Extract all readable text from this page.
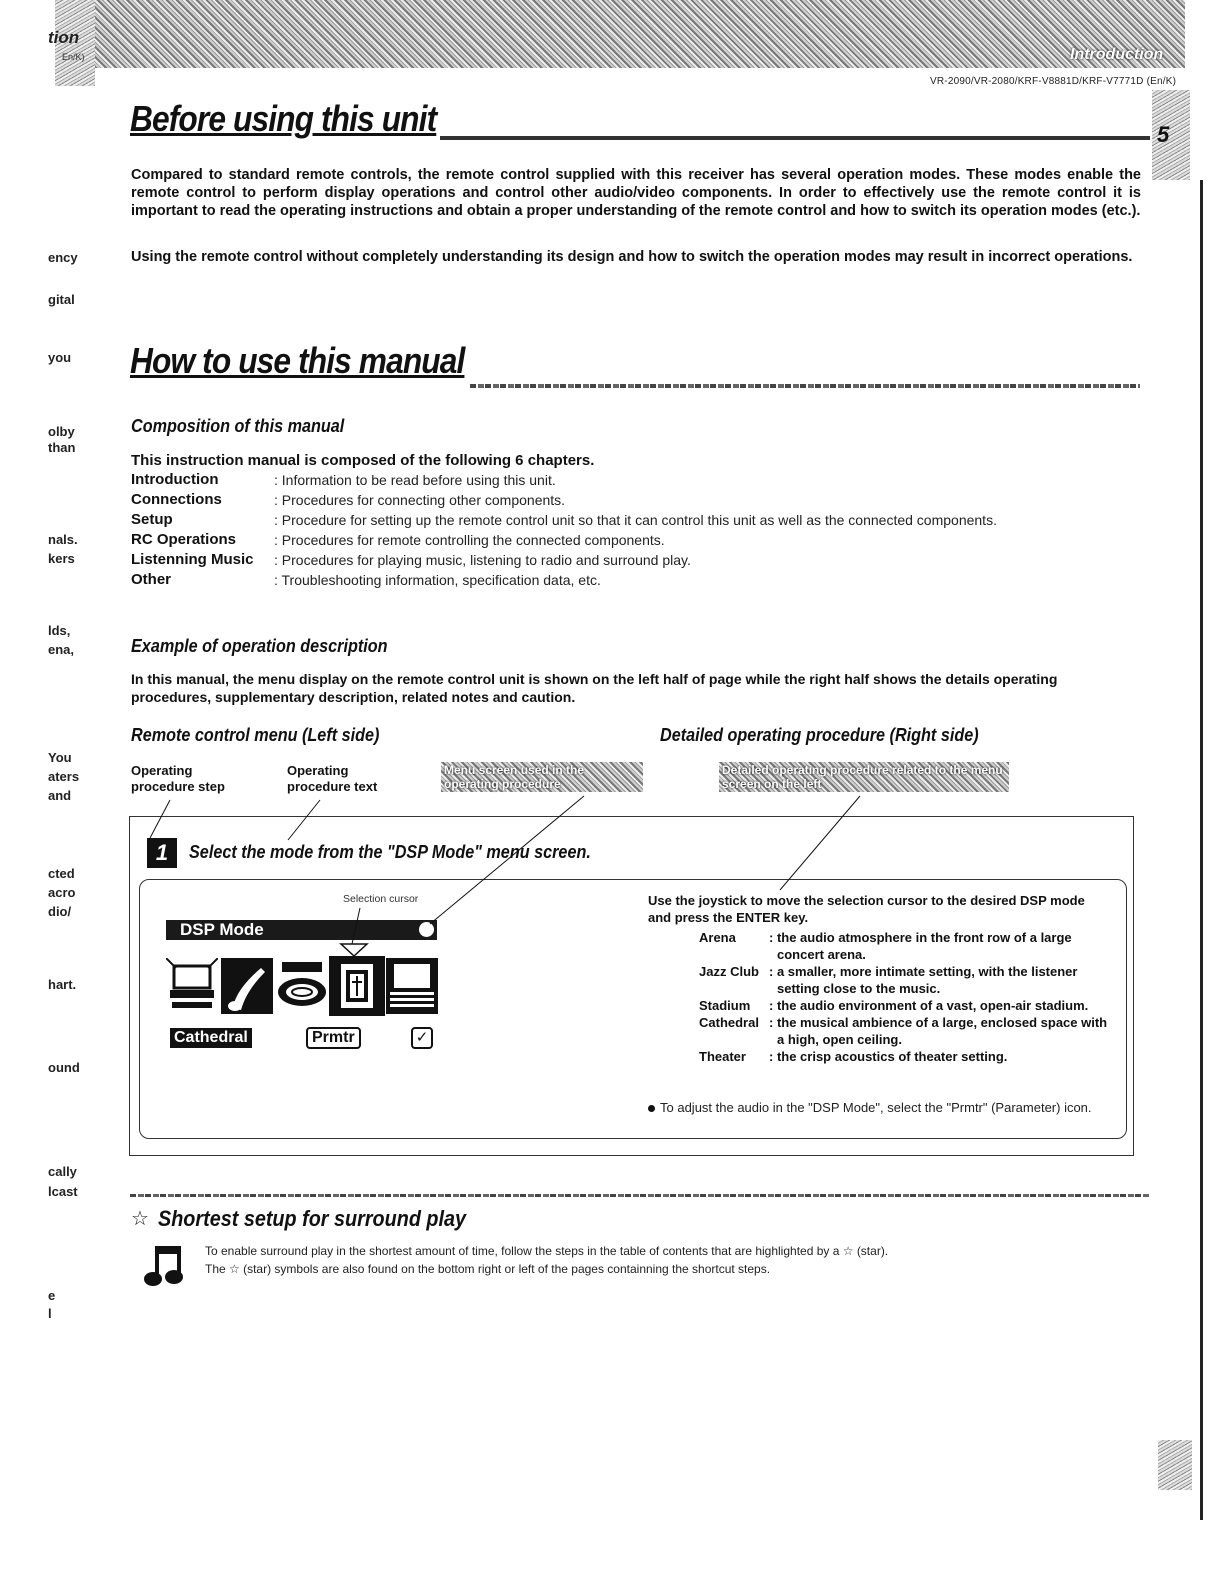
Introduction
VR-2090/VR-2080/KRF-V8881D/KRF-V7771D (En/K)
5
tion
En/K)
ency
gital
you
olby
than
nals.
kers
lds,
ena,
You
aters
and
cted
acro
dio/
hart.
ound
cally
lcast
e
l
Before using this unit
Compared to standard remote controls, the remote control supplied with this receiver has several operation modes. These modes enable the remote control to perform display operations and control other audio/video components. In order to effectively use the remote control it is important to read the operating instructions and obtain a proper understanding of the remote control and how to switch its operation modes (etc.).
Using the remote control without completely understanding its design and how to switch the operation modes may result in incorrect operations.
How to use this manual
Composition of this manual
This instruction manual is composed of the following 6 chapters.
Introduction	: Information to be read before using this unit.
Connections	: Procedures for connecting other components.
Setup	: Procedure for setting up the remote control unit so that it can control this unit as well as the connected components.
RC Operations	: Procedures for remote controlling the connected components.
Listenning Music	: Procedures for playing music, listening to radio and surround play.
Other	: Troubleshooting information, specification data, etc.
Example of operation description
In this manual, the menu display on the remote control unit is shown on the left half of page while the right half shows the details operating procedures, supplementary description, related notes and caution.
Remote control menu (Left side)	Detailed operating procedure (Right side)
Operating procedure step
Operating procedure text
Menu screen used in the operating procedure
Detailed operating procedure related to the menu screen on the left
1	Select the mode from the "DSP Mode" menu screen.
Selection cursor
DSP Mode
Cathedral	Prmtr	✓
Use the joystick to move the selection cursor to the desired DSP mode and press the ENTER key.
Arena	: the audio atmosphere in the front row of a large concert arena.
Jazz Club : a smaller, more intimate setting, with the listener setting close to the music.
Stadium	: the audio environment of a vast, open-air stadium.
Cathedral : the musical ambience of a large, enclosed space with a high, open ceiling.
Theater	: the crisp acoustics of theater setting.
To adjust the audio in the "DSP Mode", select the "Prmtr" (Parameter) icon.
☆ Shortest setup for surround play
To enable surround play in the shortest amount of time, follow the steps in the table of contents that are highlighted by a ☆ (star).
The ☆ (star) symbols are also found on the bottom right or left of the pages containning the shortcut steps.
